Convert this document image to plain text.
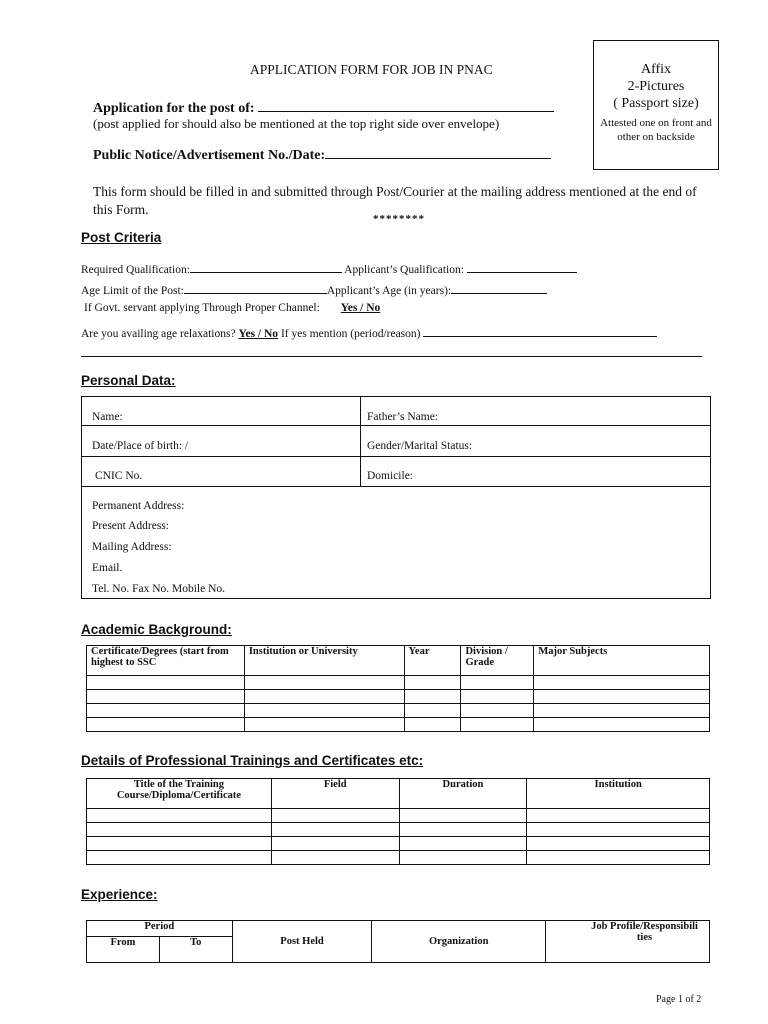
Affix
2-Pictures
( Passport size)
Attested one on front and other on backside
APPLICATION FORM FOR JOB IN PNAC
Application for the post of:
(post applied for should also be mentioned at the top right side over envelope)
Public Notice/Advertisement No./Date:
This form should be filled in and submitted through Post/Courier at the mailing address mentioned at the end of this Form.
********
Post Criteria
Required Qualification:	Applicant’s Qualification:
Age Limit of the Post:	Applicant’s Age (in years):
If Govt. servant applying Through Proper Channel: Yes / No
Are you availing age relaxations? Yes / No If yes mention (period/reason)
Personal Data:
Name:	Father’s Name:
Date/Place of birth: /	Gender/Marital Status:
CNIC No.	Domicile:
Permanent Address:
Present Address:
Mailing Address:
Email.
Tel. No. Fax No. Mobile No.
Academic Background:
Certificate/Degrees (start from highest to SSC	Institution or University	Year	Division / Grade	Major Subjects

Details of Professional Trainings and Certificates etc:
Title of the Training Course/Diploma/Certificate	Field	Duration	Institution

Experience:
Period		Post Held	Organization	Job Profile/Responsibili ties
From	To			
Page 1 of 2
